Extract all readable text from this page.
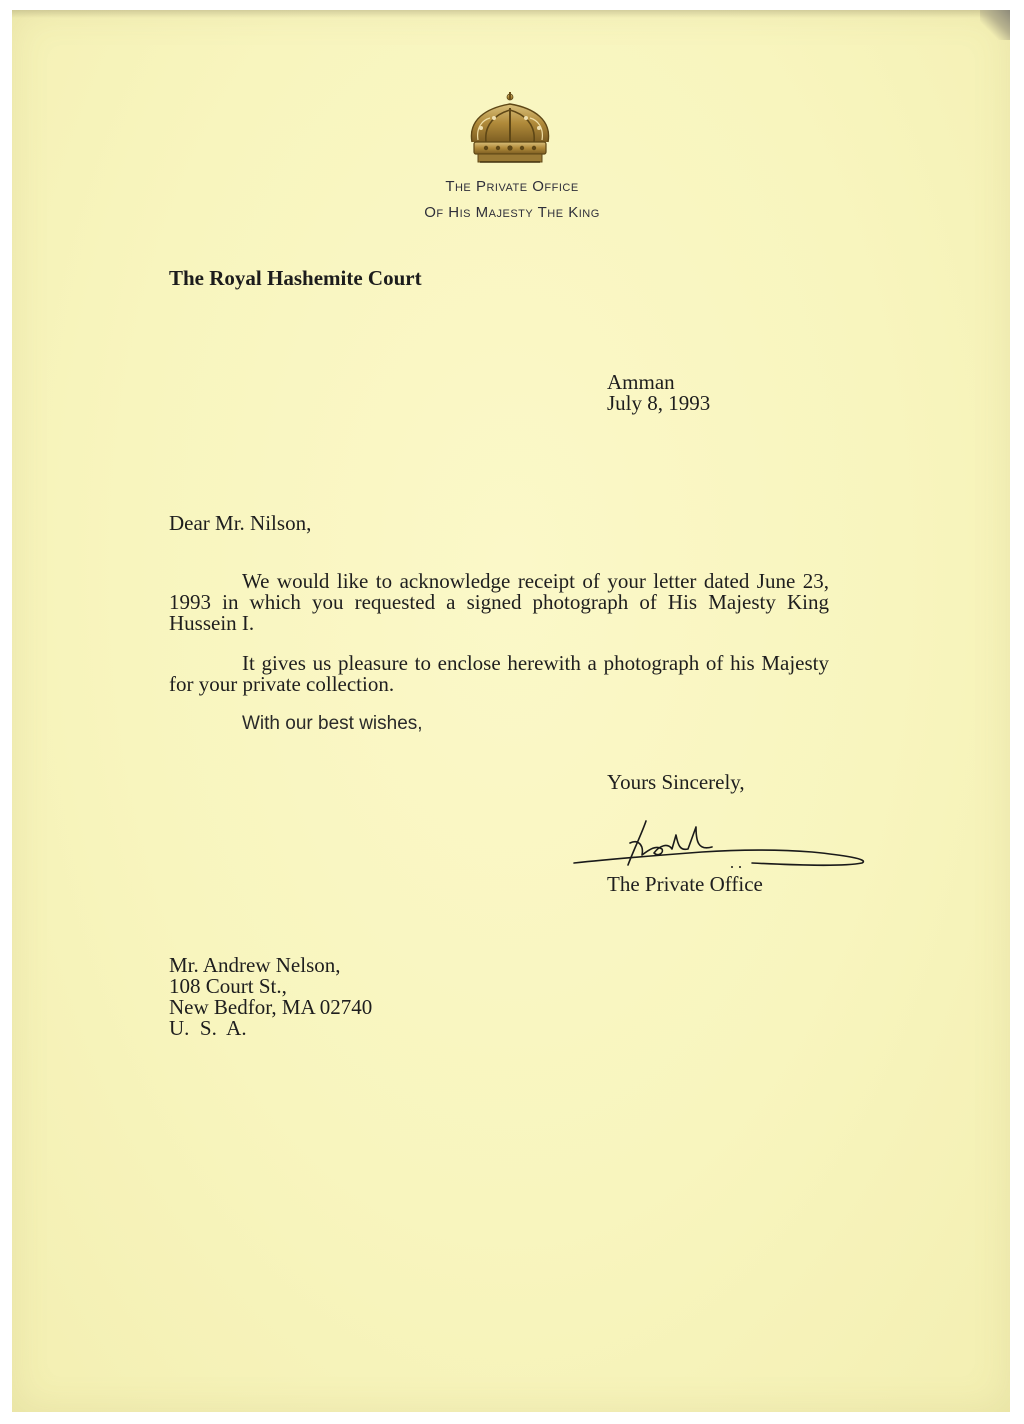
The Private Office

Of His Majesty The King

The Royal Hashemite Court

Amman

July 8, 1993

Dear Mr. Nilson,

We would like to acknowledge receipt of your letter dated June 23, 1993 in which you requested a signed photograph of His Majesty King Hussein I.

It gives us pleasure to enclose herewith a photograph of his Majesty for your private collection.

With our best wishes,

Yours Sincerely,

The Private Office

Mr. Andrew Nelson,
108 Court St.,
New Bedfor, MA 02740
U.  S.  A.
